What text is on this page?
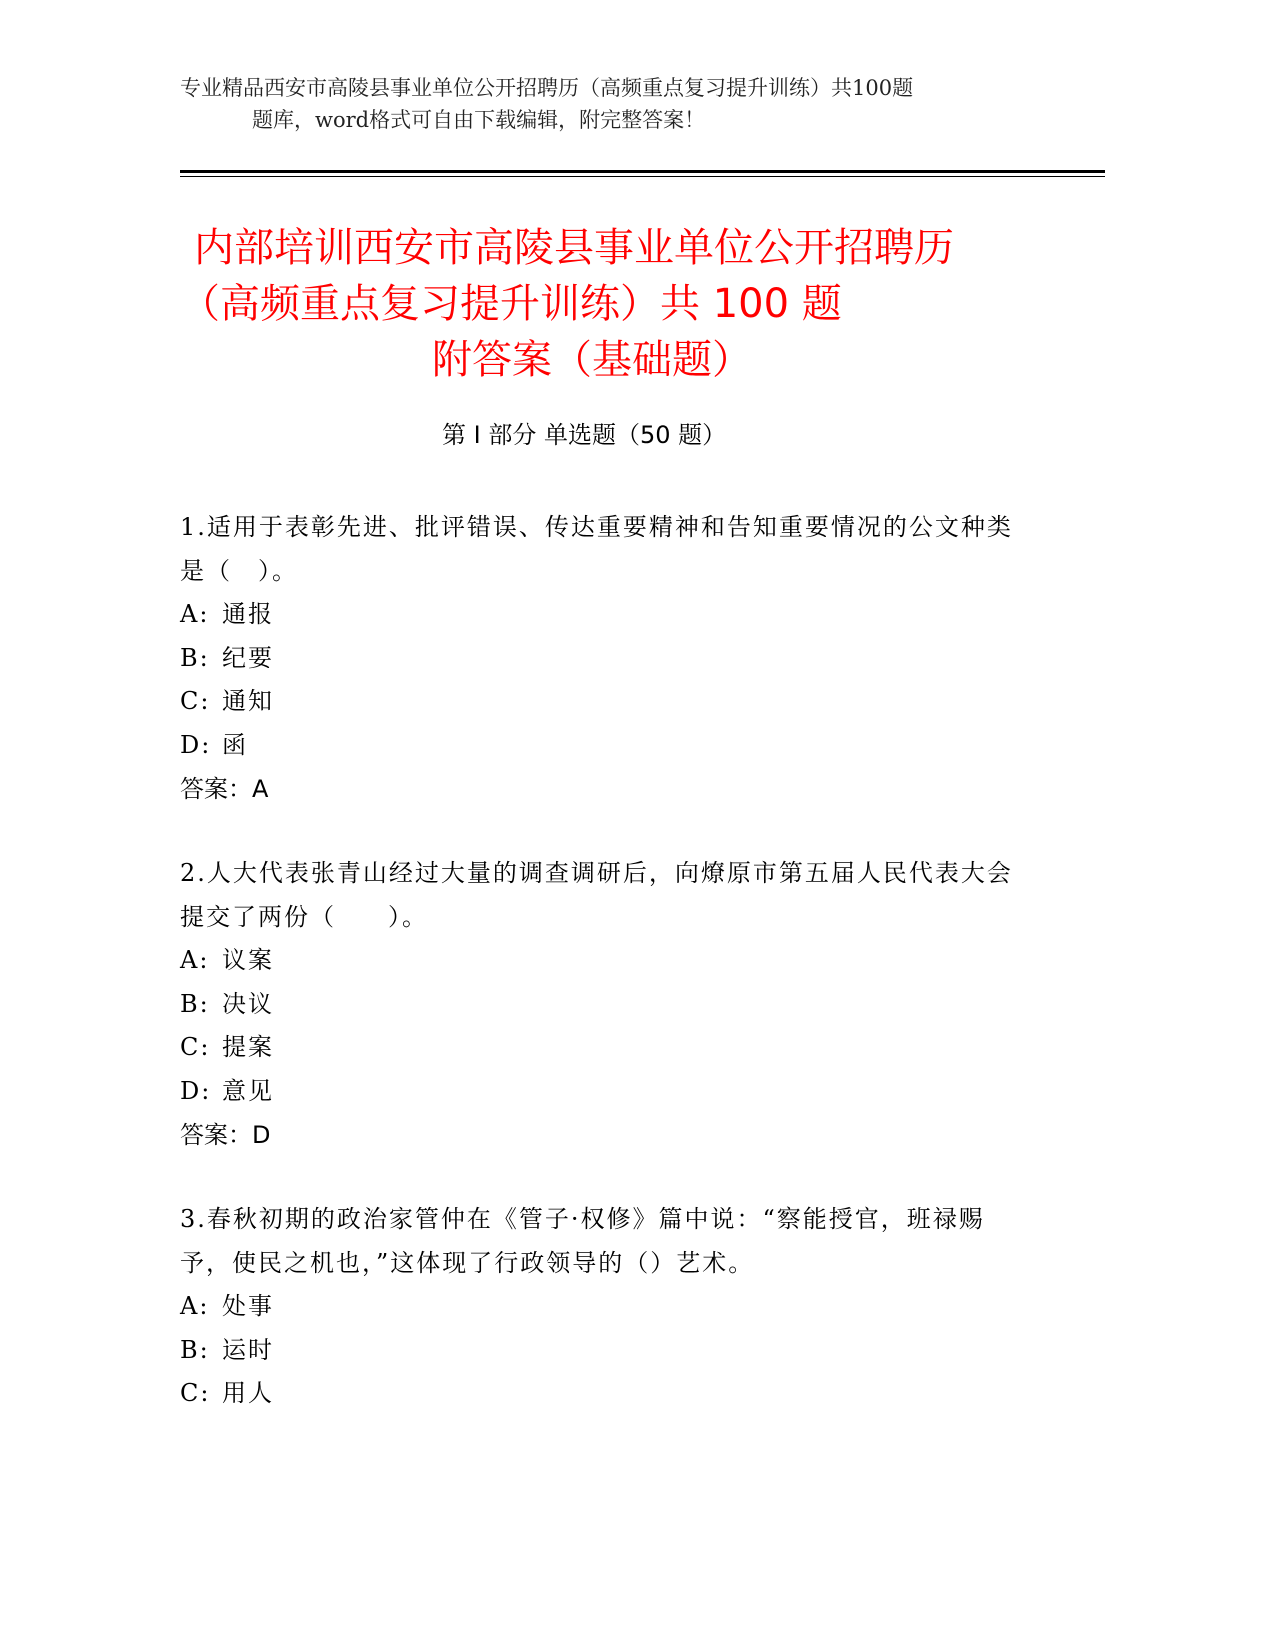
专业精品西安市高陵县事业单位公开招聘历（高频重点复习提升训练）共100题
题库，word格式可自由下载编辑，附完整答案！
内部培训西安市高陵县事业单位公开招聘历
（高频重点复习提升训练）共 100 题
附答案（基础题）
第 I 部分 单选题（50 题）
1.适用于表彰先进、批评错误、传达重要精神和告知重要情况的公文种类是（　）。
A: 通报
B: 纪要
C: 通知
D: 函
答案：A
2.人大代表张青山经过大量的调查调研后，向燎原市第五届人民代表大会提交了两份（　　）。
A: 议案
B: 决议
C: 提案
D: 意见
答案：D
3.春秋初期的政治家管仲在《管子·权修》篇中说：“察能授官，班禄赐予，使民之机也，”这体现了行政领导的（）艺术。
A: 处事
B: 运时
C: 用人
